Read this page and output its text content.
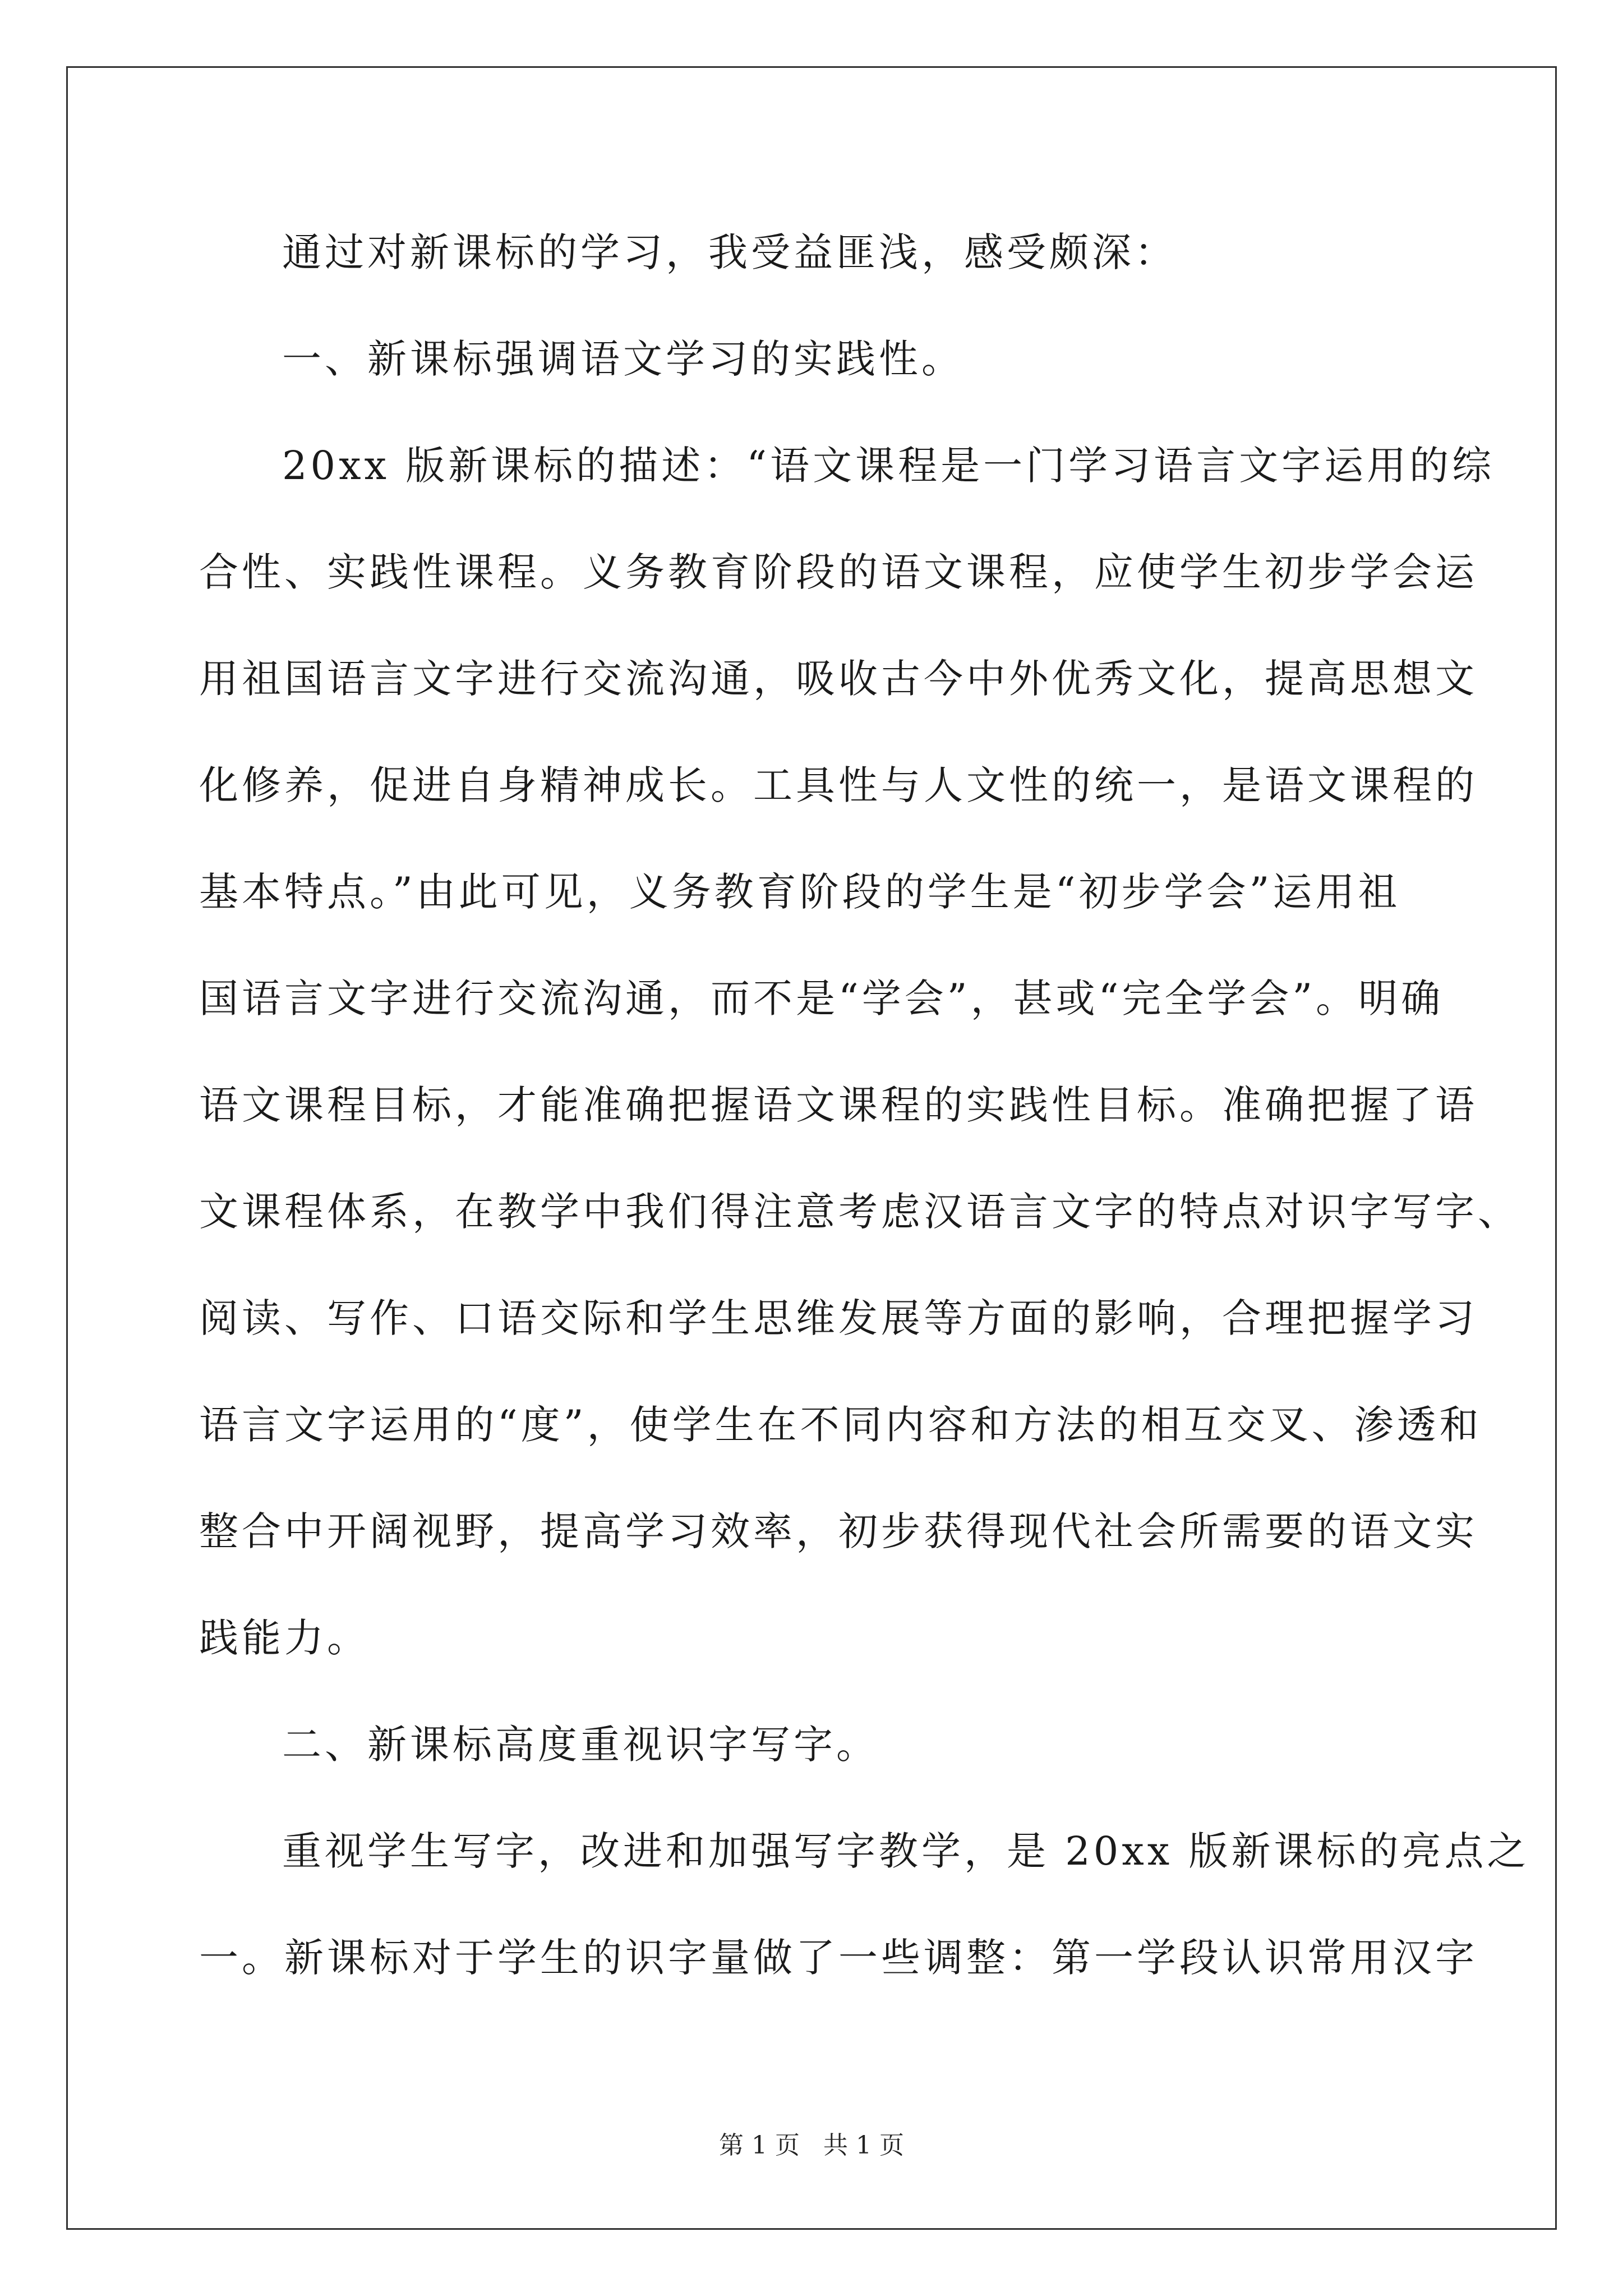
通过对新课标的学习，我受益匪浅，感受颇深：
一、新课标强调语文学习的实践性。
20xx 版新课标的描述：“语文课程是一门学习语言文字运用的综
合性、实践性课程。义务教育阶段的语文课程，应使学生初步学会运
用祖国语言文字进行交流沟通，吸收古今中外优秀文化，提高思想文
化修养，促进自身精神成长。工具性与人文性的统一，是语文课程的
基本特点。”由此可见，义务教育阶段的学生是“初步学会”运用祖
国语言文字进行交流沟通，而不是“学会”，甚或“完全学会”。明确
语文课程目标，才能准确把握语文课程的实践性目标。准确把握了语
文课程体系，在教学中我们得注意考虑汉语言文字的特点对识字写字、
阅读、写作、口语交际和学生思维发展等方面的影响，合理把握学习
语言文字运用的“度”，使学生在不同内容和方法的相互交叉、渗透和
整合中开阔视野，提高学习效率，初步获得现代社会所需要的语文实
践能力。
二、新课标高度重视识字写字。
重视学生写字，改进和加强写字教学，是 20xx 版新课标的亮点之
一。新课标对于学生的识字量做了一些调整：第一学段认识常用汉字
第 1 页 共 1 页
